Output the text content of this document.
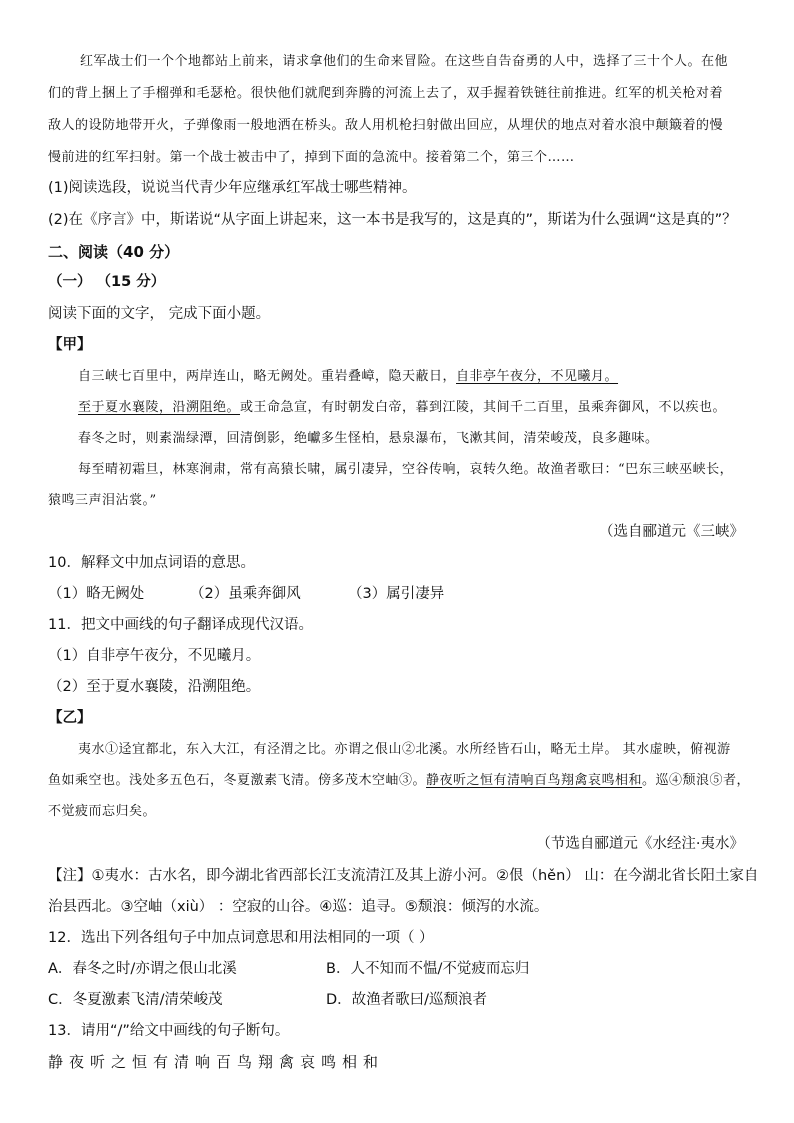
红军战士们一个个地都站上前来，请求拿他们的生命来冒险。在这些自告奋勇的人中，选择了三十个人。在他
们的背上捆上了手榴弹和毛瑟枪。很快他们就爬到奔腾的河流上去了，双手握着铁链往前推进。红军的机关枪对着
敌人的设防地带开火，子弹像雨一般地洒在桥头。敌人用机枪扫射做出回应，从埋伏的地点对着水浪中颠簸着的慢
慢前进的红军扫射。第一个战士被击中了，掉到下面的急流中。接着第二个，第三个……
(1)阅读选段，说说当代青少年应继承红军战士哪些精神。
(2)在《序言》中，斯诺说“从字面上讲起来，这一本书是我写的，这是真的”，斯诺为什么强调“这是真的”？
二、阅读（40 分）
（一） （15 分）
阅读下面的文字， 完成下面小题。
【甲】
自三峡七百里中，两岸连山，略无阙处。重岩叠嶂，隐天蔽日，自非亭午夜分，不见曦月。
至于夏水襄陵，沿溯阻绝。或王命急宣，有时朝发白帝，暮到江陵，其间千二百里，虽乘奔御风，不以疾也。
春冬之时，则素湍绿潭，回清倒影，绝巘多生怪柏，悬泉瀑布，飞漱其间，清荣峻茂，良多趣味。
每至晴初霜旦，林寒涧肃，常有高猿长啸，属引凄异，空谷传响，哀转久绝。故渔者歌曰：“巴东三峡巫峡长，
猿鸣三声泪沾裳。”
（选自郦道元《三峡》
10．解释文中加点词语的意思。
（1）略无阙处	（2）虽乘奔御风	（3）属引凄异
11．把文中画线的句子翻译成现代汉语。
（1）自非亭午夜分，不见曦月。
（2）至于夏水襄陵，沿溯阻绝。
【乙】
夷水①迳宜都北，东入大江，有泾渭之比。亦谓之佷山②北溪。水所经皆石山，略无土岸。 其水虚映，俯视游
鱼如乘空也。浅处多五色石，冬夏激素飞清。傍多茂木空岫③。静夜听之恒有清响百鸟翔禽哀鸣相和。巡④颓浪⑤者，
不觉疲而忘归矣。
（节选自郦道元《水经注·夷水》
【注】①夷水：古水名，即今湖北省西部长江支流清江及其上游小河。②佷（hěn） 山：在今湖北省长阳土家自
治县西北。③空岫（xiù） ：空寂的山谷。④巡：追寻。⑤颓浪：倾泻的水流。
12．选出下列各组句子中加点词意思和用法相同的一项（ ）
A．春冬之时/亦谓之佷山北溪	B．人不知而不愠/不觉疲而忘归
C．冬夏激素飞清/清荣峻茂	D．故渔者歌曰/巡颓浪者
13．请用“/”给文中画线的句子断句。
静夜听之恒有清响百鸟翔禽哀鸣相和
